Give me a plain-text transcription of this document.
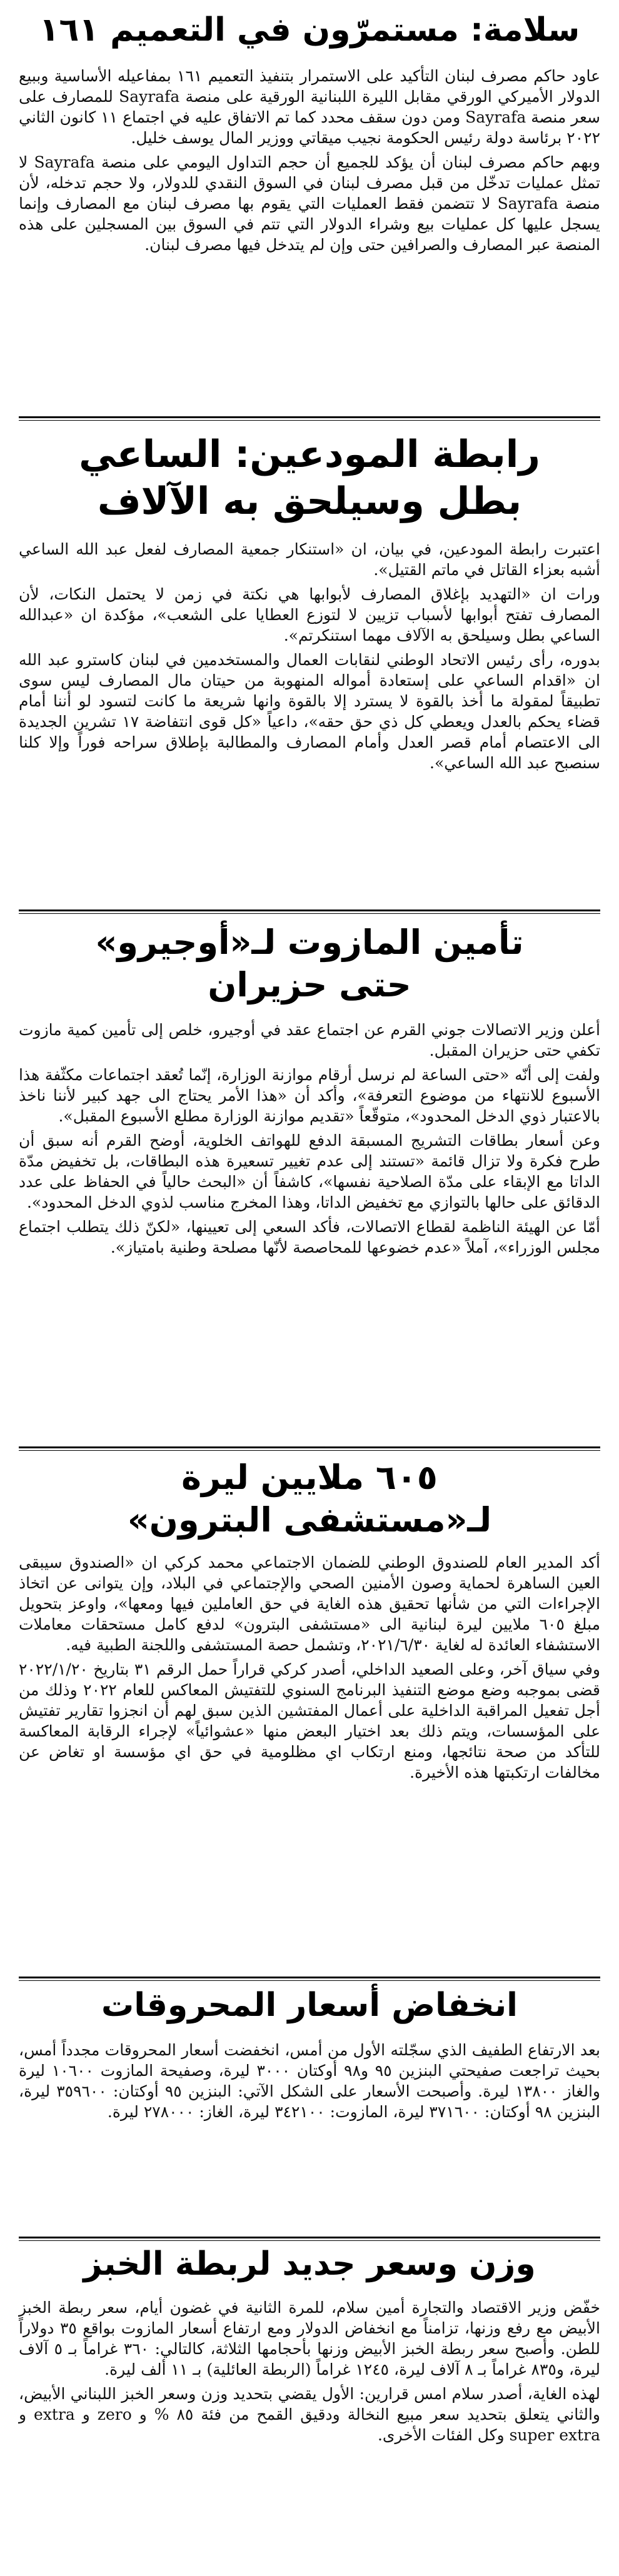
سلامة: مستمرّون في التعميم ١٦١

عاود حاكم مصرف لبنان التأكيد على الاستمرار بتنفيذ التعميم ١٦١ بمفاعيله الأساسية وببيع الدولار الأميركي الورقي مقابل الليرة اللبنانية الورقية على منصة Sayrafa للمصارف على سعر منصة Sayrafa ومن دون سقف محدد كما تم الاتفاق عليه في اجتماع ١١ كانون الثاني ٢٠٢٢ برئاسة دولة رئيس الحكومة نجيب ميقاتي ووزير المال يوسف خليل.

وبهم حاكم مصرف لبنان أن يؤكد للجميع أن حجم التداول اليومي على منصة Sayrafa لا تمثل عمليات تدخّل من قبل مصرف لبنان في السوق النقدي للدولار، ولا حجم تدخله، لأن منصة Sayrafa لا تتضمن فقط العمليات التي يقوم بها مصرف لبنان مع المصارف وإنما يسجل عليها كل عمليات بيع وشراء الدولار التي تتم في السوق بين المسجلين على هذه المنصة عبر المصارف والصرافين حتى وإن لم يتدخل فيها مصرف لبنان.

رابطة المودعين: الساعي
بطل وسيلحق به الآلاف

اعتبرت رابطة المودعين، في بيان، ان «استنكار جمعية المصارف لفعل عبد الله الساعي أشبه بعزاء القاتل في ماتم القتيل».

ورات ان «التهديد بإغلاق المصارف لأبوابها هي نكتة في زمن لا يحتمل النكات، لأن المصارف تفتح أبوابها لأسباب تزيين لا لتوزع العطايا على الشعب»، مؤكدة ان «عبدالله الساعي بطل وسيلحق به الآلاف مهما استنكرتم».

بدوره، رأى رئيس الاتحاد الوطني لنقابات العمال والمستخدمين في لبنان كاسترو عبد الله ان «اقدام الساعي على إستعادة أمواله المنهوبة من حيتان مال المصارف ليس سوى تطبيقاً لمقولة ما أخذ بالقوة لا يسترد إلا بالقوة وانها شريعة ما كانت لتسود لو أننا أمام قضاء يحكم بالعدل ويعطي كل ذي حق حقه»، داعياً «كل قوى انتفاضة ١٧ تشرين الجديدة الى الاعتصام أمام قصر العدل وأمام المصارف والمطالبة بإطلاق سراحه فوراً وإلا كلنا سنصبح عبد الله الساعي».

تأمين المازوت لـ«أوجيرو»
حتى حزيران

أعلن وزير الاتصالات جوني القرم عن اجتماع عقد في أوجيرو، خلص إلى تأمين كمية مازوت تكفي حتى حزيران المقبل.

ولفت إلى أنّه «حتى الساعة لم نرسل أرقام موازنة الوزارة، إنّما تُعقد اجتماعات مكثّفة هذا الأسبوع للانتهاء من موضوع التعرفة»، وأكد أن «هذا الأمر يحتاج الى جهد كبير لأننا ناخذ بالاعتبار ذوي الدخل المحدود»، متوقّعاً «تقديم موازنة الوزارة مطلع الأسبوع المقبل».

وعن أسعار بطاقات التشريج المسبقة الدفع للهواتف الخلوية، أوضح القرم أنه سبق أن طرح فكرة ولا تزال قائمة «تستند إلى عدم تغيير تسعيرة هذه البطاقات، بل تخفيض مدّة الداتا مع الإبقاء على مدّة الصلاحية نفسها»، كاشفاً أن «البحث حالياً في الحفاظ على عدد الدقائق على حالها بالتوازي مع تخفيض الداتا، وهذا المخرج مناسب لذوي الدخل المحدود».

أمّا عن الهيئة الناظمة لقطاع الاتصالات، فأكد السعي إلى تعيينها، «لكنّ ذلك يتطلب اجتماع مجلس الوزراء»، آملاً «عدم خضوعها للمحاصصة لأنّها مصلحة وطنية بامتياز».

٦٠٥ ملايين ليرة
لـ«مستشفى البترون»

أكد المدير العام للصندوق الوطني للضمان الاجتماعي محمد كركي ان «الصندوق سيبقى العين الساهرة لحماية وصون الأمنين الصحي والإجتماعي في البلاد، وإن يتوانى عن اتخاذ الإجراءات التي من شأنها تحقيق هذه الغاية في حق العاملين فيها ومعها»، واوعز بتحويل مبلغ ٦٠٥ ملايين ليرة لبنانية الى «مستشفى البترون» لدفع كامل مستحقات معاملات الاستشفاء العائدة له لغاية ٢٠٢١/٦/٣٠، وتشمل حصة المستشفى واللجنة الطبية فيه.

وفي سياق آخر، وعلى الصعيد الداخلي، أصدر كركي قراراً حمل الرقم ٣١ بتاريخ ٢٠٢٢/١/٢٠ قضى بموجبه وضع موضع التنفيذ البرنامج السنوي للتفتيش المعاكس للعام ٢٠٢٢ وذلك من أجل تفعيل المراقبة الداخلية على أعمال المفتشين الذين سبق لهم أن انجزوا تقارير تفتيش على المؤسسات، ويتم ذلك بعد اختيار البعض منها «عشوائياً» لإجراء الرقابة المعاكسة للتأكد من صحة نتائجها، ومنع ارتكاب اي مظلومية في حق اي مؤسسة او تغاض عن مخالفات ارتكبتها هذه الأخيرة.

انخفاض أسعار المحروقات

بعد الارتفاع الطفيف الذي سجّلته الأول من أمس، انخفضت أسعار المحروقات مجدداً أمس، بحيث تراجعت صفيحتي البنزين ٩٥ و٩٨ أوكتان ٣٠٠٠ ليرة، وصفيحة المازوت ١٠٦٠٠ ليرة والغاز ١٣٨٠٠ ليرة. وأصبحت الأسعار على الشكل الآتي: البنزين ٩٥ أوكتان: ٣٥٩٦٠٠ ليرة، البنزين ٩٨ أوكتان: ٣٧١٦٠٠ ليرة، المازوت: ٣٤٢١٠٠ ليرة، الغاز: ٢٧٨٠٠٠ ليرة.

وزن وسعر جديد لربطة الخبز

خفّض وزير الاقتصاد والتجارة أمين سلام، للمرة الثانية في غضون أيام، سعر ربطة الخبز الأبيض مع رفع وزنها، تزامناً مع انخفاض الدولار ومع ارتفاع أسعار المازوت بواقع ٣٥ دولاراً للطن. وأصبح سعر ربطة الخبز الأبيض وزنها بأحجامها الثلاثة، كالتالي: ٣٦٠ غراماً بـ ٥ آلاف ليرة، و٨٣٥ غراماً بـ ٨ آلاف ليرة، ١٢٤٥ غراماً (الربطة العائلية) بـ ١١ ألف ليرة.

لهذه الغاية، أصدر سلام امس قرارين: الأول يقضي بتحديد وزن وسعر الخبز اللبناني الأبيض، والثاني يتعلق بتحديد سعر مبيع النخالة ودقيق القمح من فئة ٨٥ % و zero و extra و super extra وكل الفئات الأخرى.
